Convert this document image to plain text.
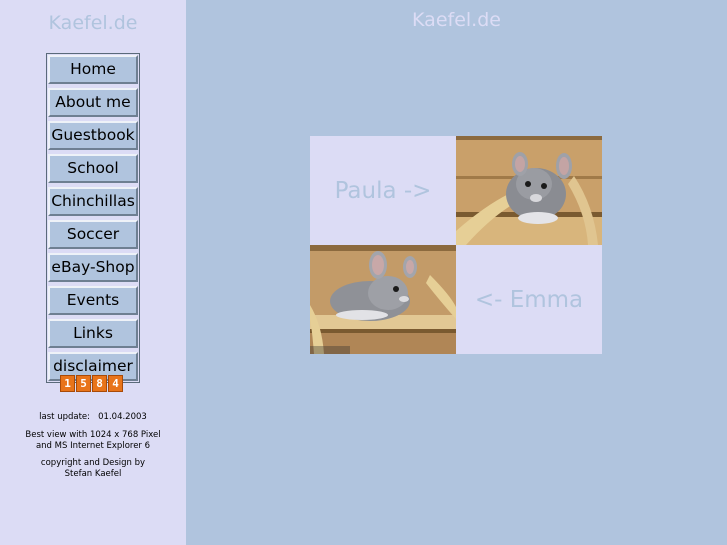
Kaefel.de
Home
About me
Guestbook
School
Chinchillas
Soccer
eBay-Shop
Events
Links
disclaimer
1 5 8 4
last update: 01.04.2003
Best view with 1024 x 768 Pixel
and MS Internet Explorer 6
copyright and Design by
Stefan Kaefel
Kaefel.de
Paula ->
<- Emma
